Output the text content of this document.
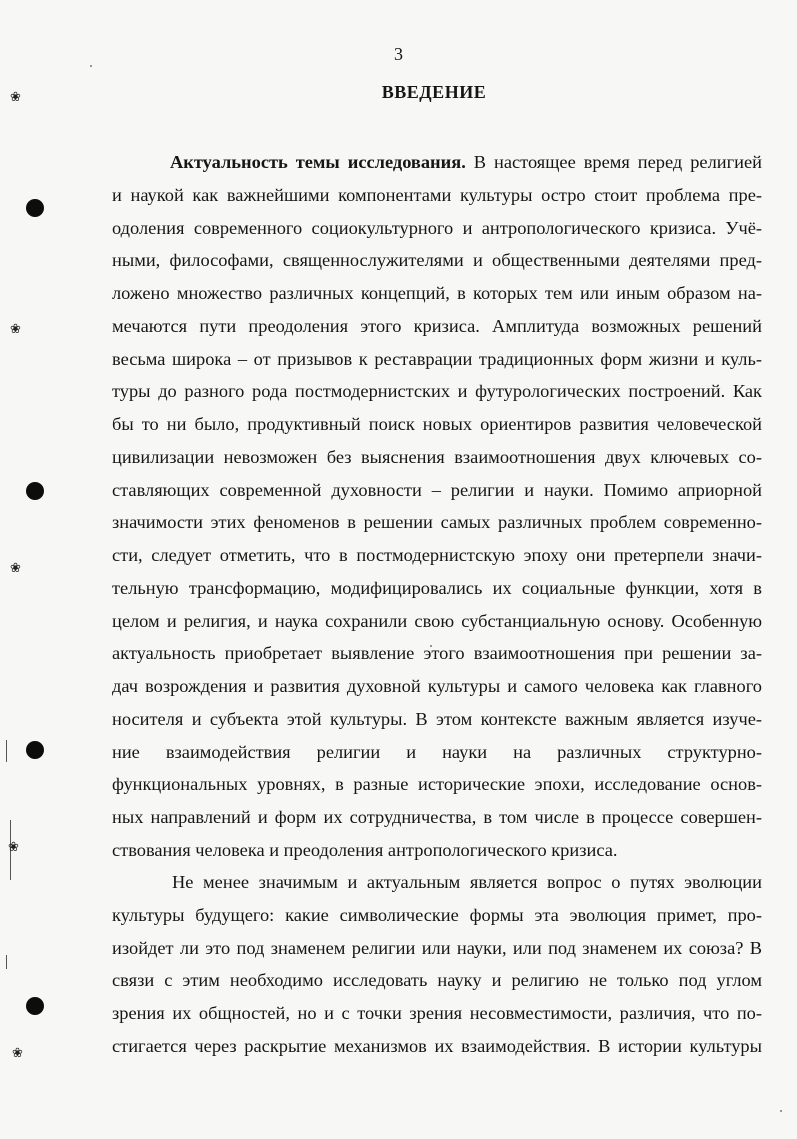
❀
❀
❀
❀
❀
3
ВВЕДЕНИЕ
Актуальность темы исследования. В настоящее время перед религией
и наукой как важнейшими компонентами культуры остро стоит проблема пре-
одоления современного социокультурного и антропологического кризиса. Учё-
ными, философами, священнослужителями и общественными деятелями пред-
ложено множество различных концепций, в которых тем или иным образом на-
мечаются пути преодоления этого кризиса. Амплитуда возможных решений
весьма широка – от призывов к реставрации традиционных форм жизни и куль-
туры до разного рода постмодернистских и футурологических построений. Как
бы то ни было, продуктивный поиск новых ориентиров развития человеческой
цивилизации невозможен без выяснения взаимоотношения двух ключевых со-
ставляющих современной духовности – религии и науки. Помимо априорной
значимости этих феноменов в решении самых различных проблем современно-
сти, следует отметить, что в постмодернистскую эпоху они претерпели значи-
тельную трансформацию, модифицировались их социальные функции, хотя в
целом и религия, и наука сохранили свою субстанциальную основу. Особенную
актуальность приобретает выявление этого взаимоотношения при решении за-
дач возрождения и развития духовной культуры и самого человека как главного
носителя и субъекта этой культуры. В этом контексте важным является изуче-
ние взаимодействия религии и науки на различных структурно-
функциональных уровнях, в разные исторические эпохи, исследование основ-
ных направлений и форм их сотрудничества, в том числе в процессе совершен-
ствования человека и преодоления антропологического кризиса.
Не менее значимым и актуальным является вопрос о путях эволюции
культуры будущего: какие символические формы эта эволюция примет, про-
изойдет ли это под знаменем религии или науки, или под знаменем их союза? В
связи с этим необходимо исследовать науку и религию не только под углом
зрения их общностей, но и с точки зрения несовместимости, различия, что по-
стигается через раскрытие механизмов их взаимодействия. В истории культуры
